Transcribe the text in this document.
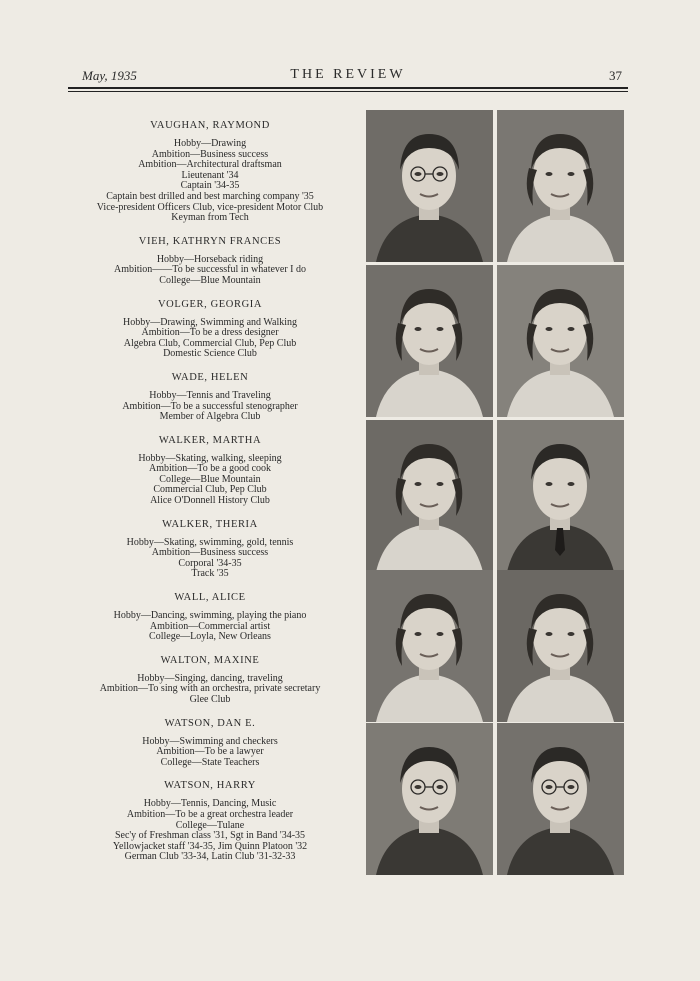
May, 1935	THE REVIEW	37
VAUGHAN, RAYMOND
Hobby—Drawing
Ambition—Business success
Ambition—Architectural draftsman
Lieutenant '34
Captain '34-35
Captain best drilled and best marching company '35
Vice-president Officers Club, vice-president Motor Club
Keyman from Tech
VIEH, KATHRYN FRANCES
Hobby—Horseback riding
Ambition——To be successful in whatever I do
College—Blue Mountain
VOLGER, GEORGIA
Hobby—Drawing, Swimming and Walking
Ambition—To be a dress designer
Algebra Club, Commercial Club, Pep Club
Domestic Science Club
WADE, HELEN
Hobby—Tennis and Traveling
Ambition—To be a successful stenographer
Member of Algebra Club
WALKER, MARTHA
Hobby—Skating, walking, sleeping
Ambition—To be a good cook
College—Blue Mountain
Commercial Club, Pep Club
Alice O'Donnell History Club
WALKER, THERIA
Hobby—Skating, swimming, gold, tennis
Ambition—Business success
Corporal '34-35
Track '35
WALL, ALICE
Hobby—Dancing, swimming, playing the piano
Ambition—Commercial artist
College—Loyla, New Orleans
WALTON, MAXINE
Hobby—Singing, dancing, traveling
Ambition—To sing with an orchestra, private secretary
Glee Club
WATSON, DAN E.
Hobby—Swimming and checkers
Ambition—To be a lawyer
College—State Teachers
WATSON, HARRY
Hobby—Tennis, Dancing, Music
Ambition—To be a great orchestra leader
College—Tulane
Sec'y of Freshman class '31, Sgt in Band '34-35
Yellowjacket staff '34-35, Jim Quinn Platoon '32
German Club '33-34, Latin Club '31-32-33
